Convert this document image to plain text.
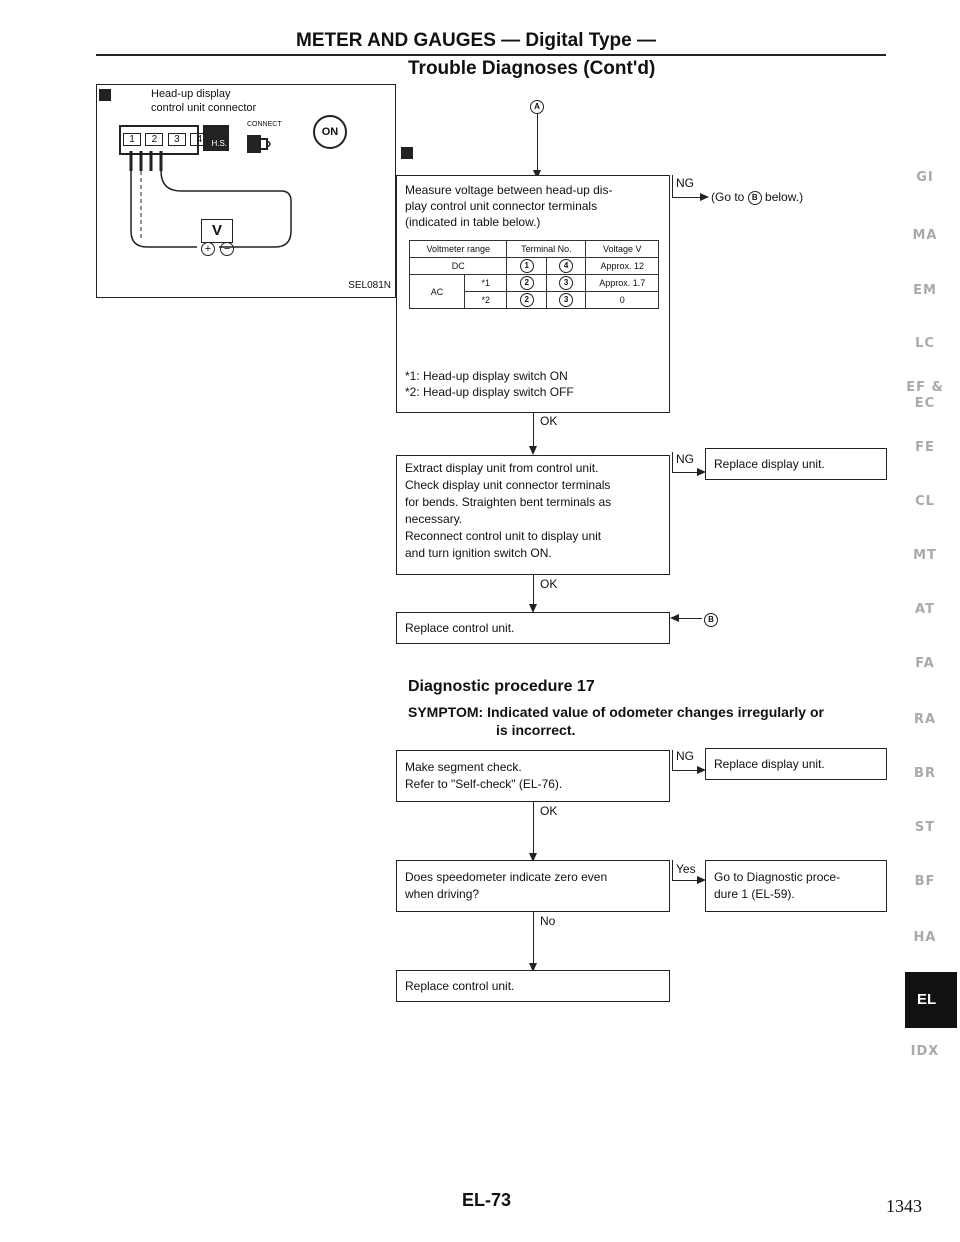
METER AND GAUGES — Digital Type —
Trouble Diagnoses (Cont'd)
Head-up display
control unit connector
1 2 3 4	H.S.
CONNECT
ON
V
+ −
SEL081N
A
Measure voltage between head-up dis-
play control unit connector terminals
(indicated in table below.)
Voltmeter range		Terminal No.		Voltage V
DC		1	4	Approx. 12
AC	*1	2	3	Approx. 1.7
	*2	2	3	0
*1: Head-up display switch ON
*2: Head-up display switch OFF
NG
(Go to B below.)
OK
Extract display unit from control unit.
Check display unit connector terminals
for bends. Straighten bent terminals as
necessary.
Reconnect control unit to display unit
and turn ignition switch ON.
NG Replace display unit.
OK
Replace control unit.
B
Diagnostic procedure 17
SYMPTOM: Indicated value of odometer changes irregularly or
is incorrect.
Make segment check.
Refer to "Self-check" (EL-76).
NG
Replace display unit.
OK
Does speedometer indicate zero even
when driving?
Yes
Go to Diagnostic proce-
dure 1 (EL-59).
No
Replace control unit.
GI
MA
EM
LC
EF &
EC
FE
CL
MT
AT
FA
RA
BR
ST
BF
HA
EL
IDX
EL-73	1343
